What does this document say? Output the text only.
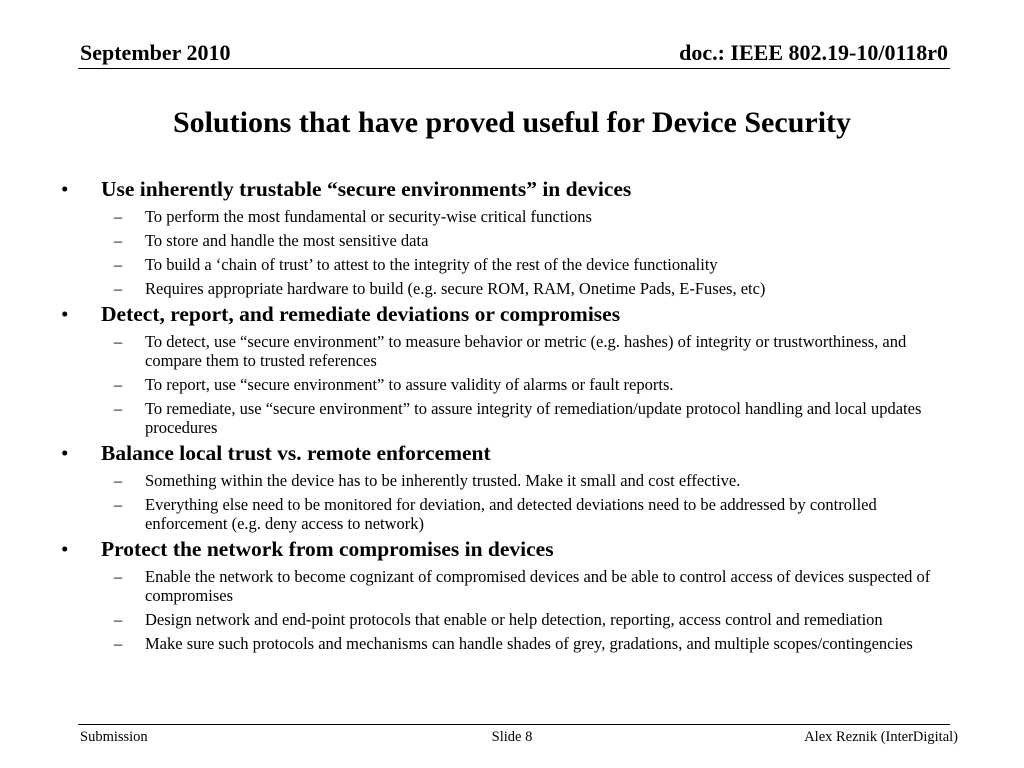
September 2010	doc.: IEEE 802.19-10/0118r0
Solutions that have proved useful for Device Security
• Use inherently trustable “secure environments” in devices
– To perform the most fundamental or security-wise critical functions
– To store and handle the most sensitive data
– To build a ‘chain of trust’ to attest to the integrity of the rest of the device functionality
– Requires appropriate hardware to build (e.g. secure ROM, RAM, Onetime Pads, E-Fuses, etc)
• Detect, report, and remediate deviations or compromises
– To detect, use “secure environment” to measure behavior or metric (e.g. hashes) of integrity or trustworthiness, and compare them to trusted references
– To report, use “secure environment” to assure validity of alarms or fault reports.
– To remediate, use “secure environment” to assure integrity of remediation/update protocol handling and local updates procedures
• Balance local trust vs. remote enforcement
– Something within the device has to be inherently trusted. Make it small and cost effective.
– Everything else need to be monitored for deviation, and detected deviations need to be addressed by controlled enforcement (e.g. deny access to network)
• Protect the network from compromises in devices
– Enable the network to become cognizant of compromised devices and be able to control access of devices suspected of compromises
– Design network and end-point protocols that enable or help detection, reporting, access control and remediation
– Make sure such protocols and mechanisms can handle shades of grey, gradations, and multiple scopes/contingencies
Submission	Slide 8	Alex Reznik (InterDigital)
